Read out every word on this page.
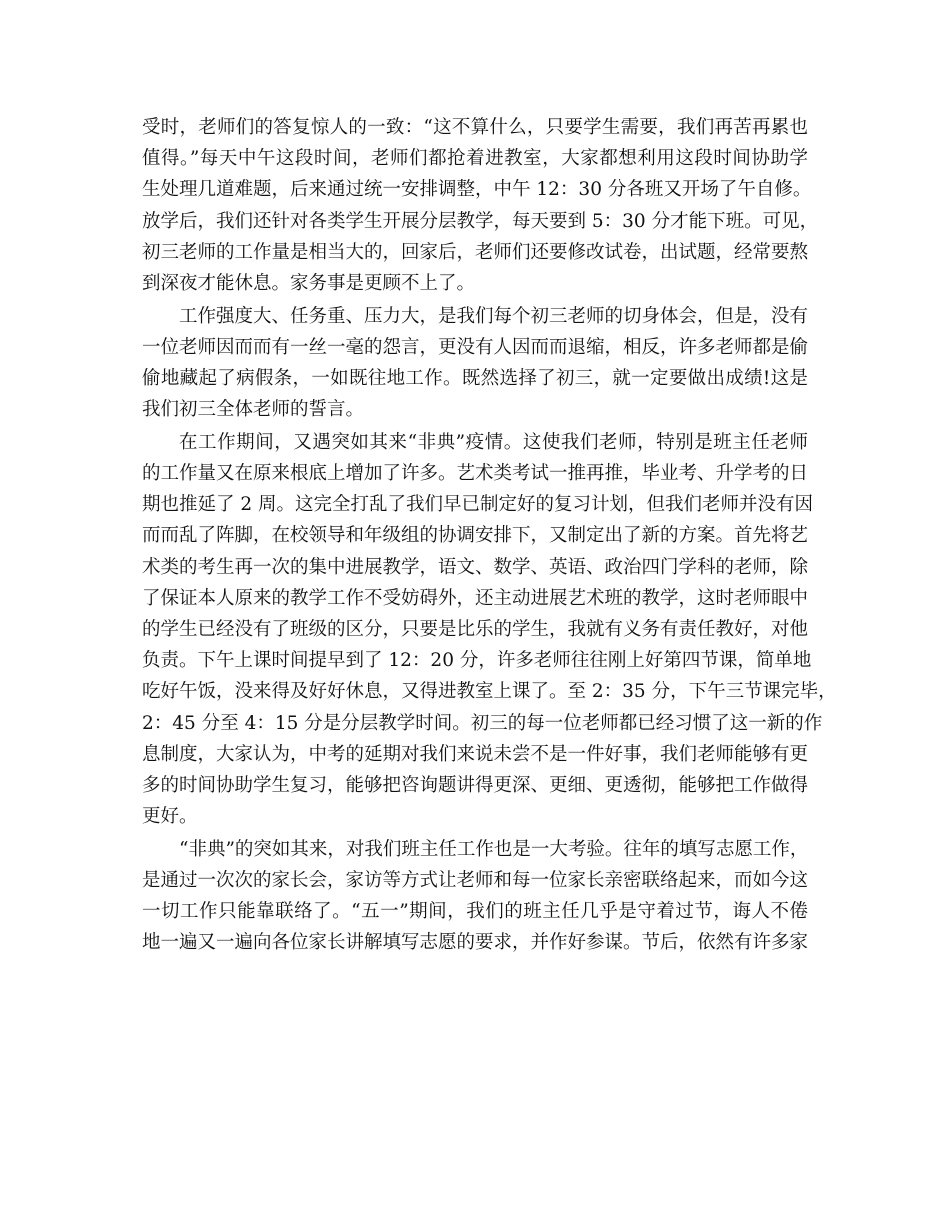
受时，老师们的答复惊人的一致：“这不算什么，只要学生需要，我们再苦再累也
值得。”每天中午这段时间，老师们都抢着进教室，大家都想利用这段时间协助学
生处理几道难题，后来通过统一安排调整，中午 12：30 分各班又开场了午自修。
放学后，我们还针对各类学生开展分层教学，每天要到 5：30 分才能下班。可见，
初三老师的工作量是相当大的，回家后，老师们还要修改试卷，出试题，经常要熬
到深夜才能休息。家务事是更顾不上了。
工作强度大、任务重、压力大，是我们每个初三老师的切身体会，但是，没有
一位老师因而而有一丝一毫的怨言，更没有人因而而退缩，相反，许多老师都是偷
偷地藏起了病假条，一如既往地工作。既然选择了初三，就一定要做出成绩!这是
我们初三全体老师的誓言。
在工作期间，又遇突如其来“非典”疫情。这使我们老师，特别是班主任老师
的工作量又在原来根底上增加了许多。艺术类考试一推再推，毕业考、升学考的日
期也推延了 2 周。这完全打乱了我们早已制定好的复习计划，但我们老师并没有因
而而乱了阵脚，在校领导和年级组的协调安排下，又制定出了新的方案。首先将艺
术类的考生再一次的集中进展教学，语文、数学、英语、政治四门学科的老师，除
了保证本人原来的教学工作不受妨碍外，还主动进展艺术班的教学，这时老师眼中
的学生已经没有了班级的区分，只要是比乐的学生，我就有义务有责任教好，对他
负责。下午上课时间提早到了 12：20 分，许多老师往往刚上好第四节课，简单地
吃好午饭，没来得及好好休息，又得进教室上课了。至 2：35 分，下午三节课完毕，
2：45 分至 4：15 分是分层教学时间。初三的每一位老师都已经习惯了这一新的作
息制度，大家认为，中考的延期对我们来说未尝不是一件好事，我们老师能够有更
多的时间协助学生复习，能够把咨询题讲得更深、更细、更透彻，能够把工作做得
更好。
“非典”的突如其来，对我们班主任工作也是一大考验。往年的填写志愿工作，
是通过一次次的家长会，家访等方式让老师和每一位家长亲密联络起来，而如今这
一切工作只能靠联络了。“五一”期间，我们的班主任几乎是守着过节，诲人不倦
地一遍又一遍向各位家长讲解填写志愿的要求，并作好参谋。节后，依然有许多家
